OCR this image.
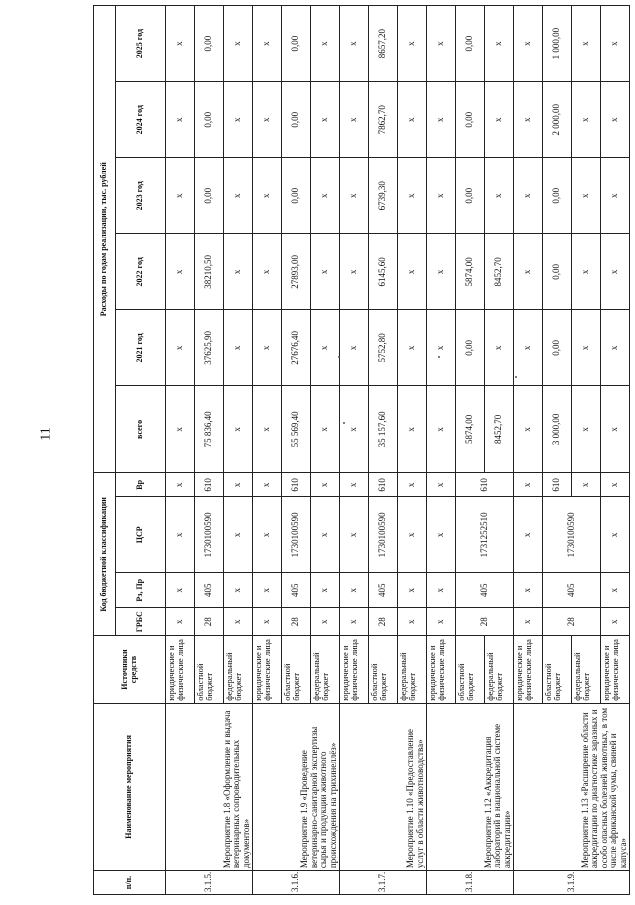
11
п/п.	Наименование мероприятия	Источники средств	Код бюджетной классификации				Расходы по годам реализации, тыс. рублей					
			ГРБС	Рз, Пр	ЦСР	Вр	всего	2021 год	2022 год	2023 год	2024 год	2025 год
3.1.5.	Мероприятие 1.8 «Оформление и выдача ветеринарных сопроводительных документов»	юридические и физические лица	х	х	х	х	х	х	х	х	х	х
		областной бюджет	28	405	1730100590	610	75 836,40	37625,90	38210,50	0,00	0,00	0,00
		федеральный бюджет	х	х	х	х	х	х	х	х	х	х
3.1.6.	Мероприятие 1.9 «Проведение ветеринарно-санитарной экспертизы сырья и продукции животного происхождения на трихинеллёз»	юридические и физические лица	х	х	х	х	х	х	х	х	х	х
		областной бюджет	28	405	1730100590	610	55 569,40	27676,40	27893,00	0,00	0,00	0,00
		федеральный бюджет	х	х	х	х	х	х	х	х	х	х
3.1.7.	Мероприятие 1.10 «Предоставление услуг в области животноводства»	юридические и физические лица	х	х	х	х	х	х	х	х	х	х
		областной бюджет	28	405	1730100590	610	35 157,60	5752,80	6145,60	6739,30	7862,70	8657,20
		федеральный бюджет	х	х	х	х	х	х	х	х	х	х
3.1.8.	Мероприятие 1.12 «Аккредитация лабораторий в национальной системе аккредитации»	юридические и физические лица	х	х	х	х	х	х	х	х	х	х
		областной бюджет	28	405	1731252510	610	5874,00	0,00	5874,00	0,00	0,00	0,00
		федеральный бюджет					8452,70	х	8452,70	х	х	х
3.1.9.	Мероприятие 1.13 «Расширение области аккредитации по диагностике заразных и особо опасных болезней животных, в том числе африканской чумы, свиней и капуса»	юридические и физические лица	х	х	х	х	х	х	х	х	х	х
		областной бюджет	28	405	1730100590	610	3 000,00	0,00	0,00	0,00	2 000,00	1 000,00
		федеральный бюджет				х	х	х	х	х	х	х
		юридические и физические лица	х	х	х	х	х	х	х	х	х	х
